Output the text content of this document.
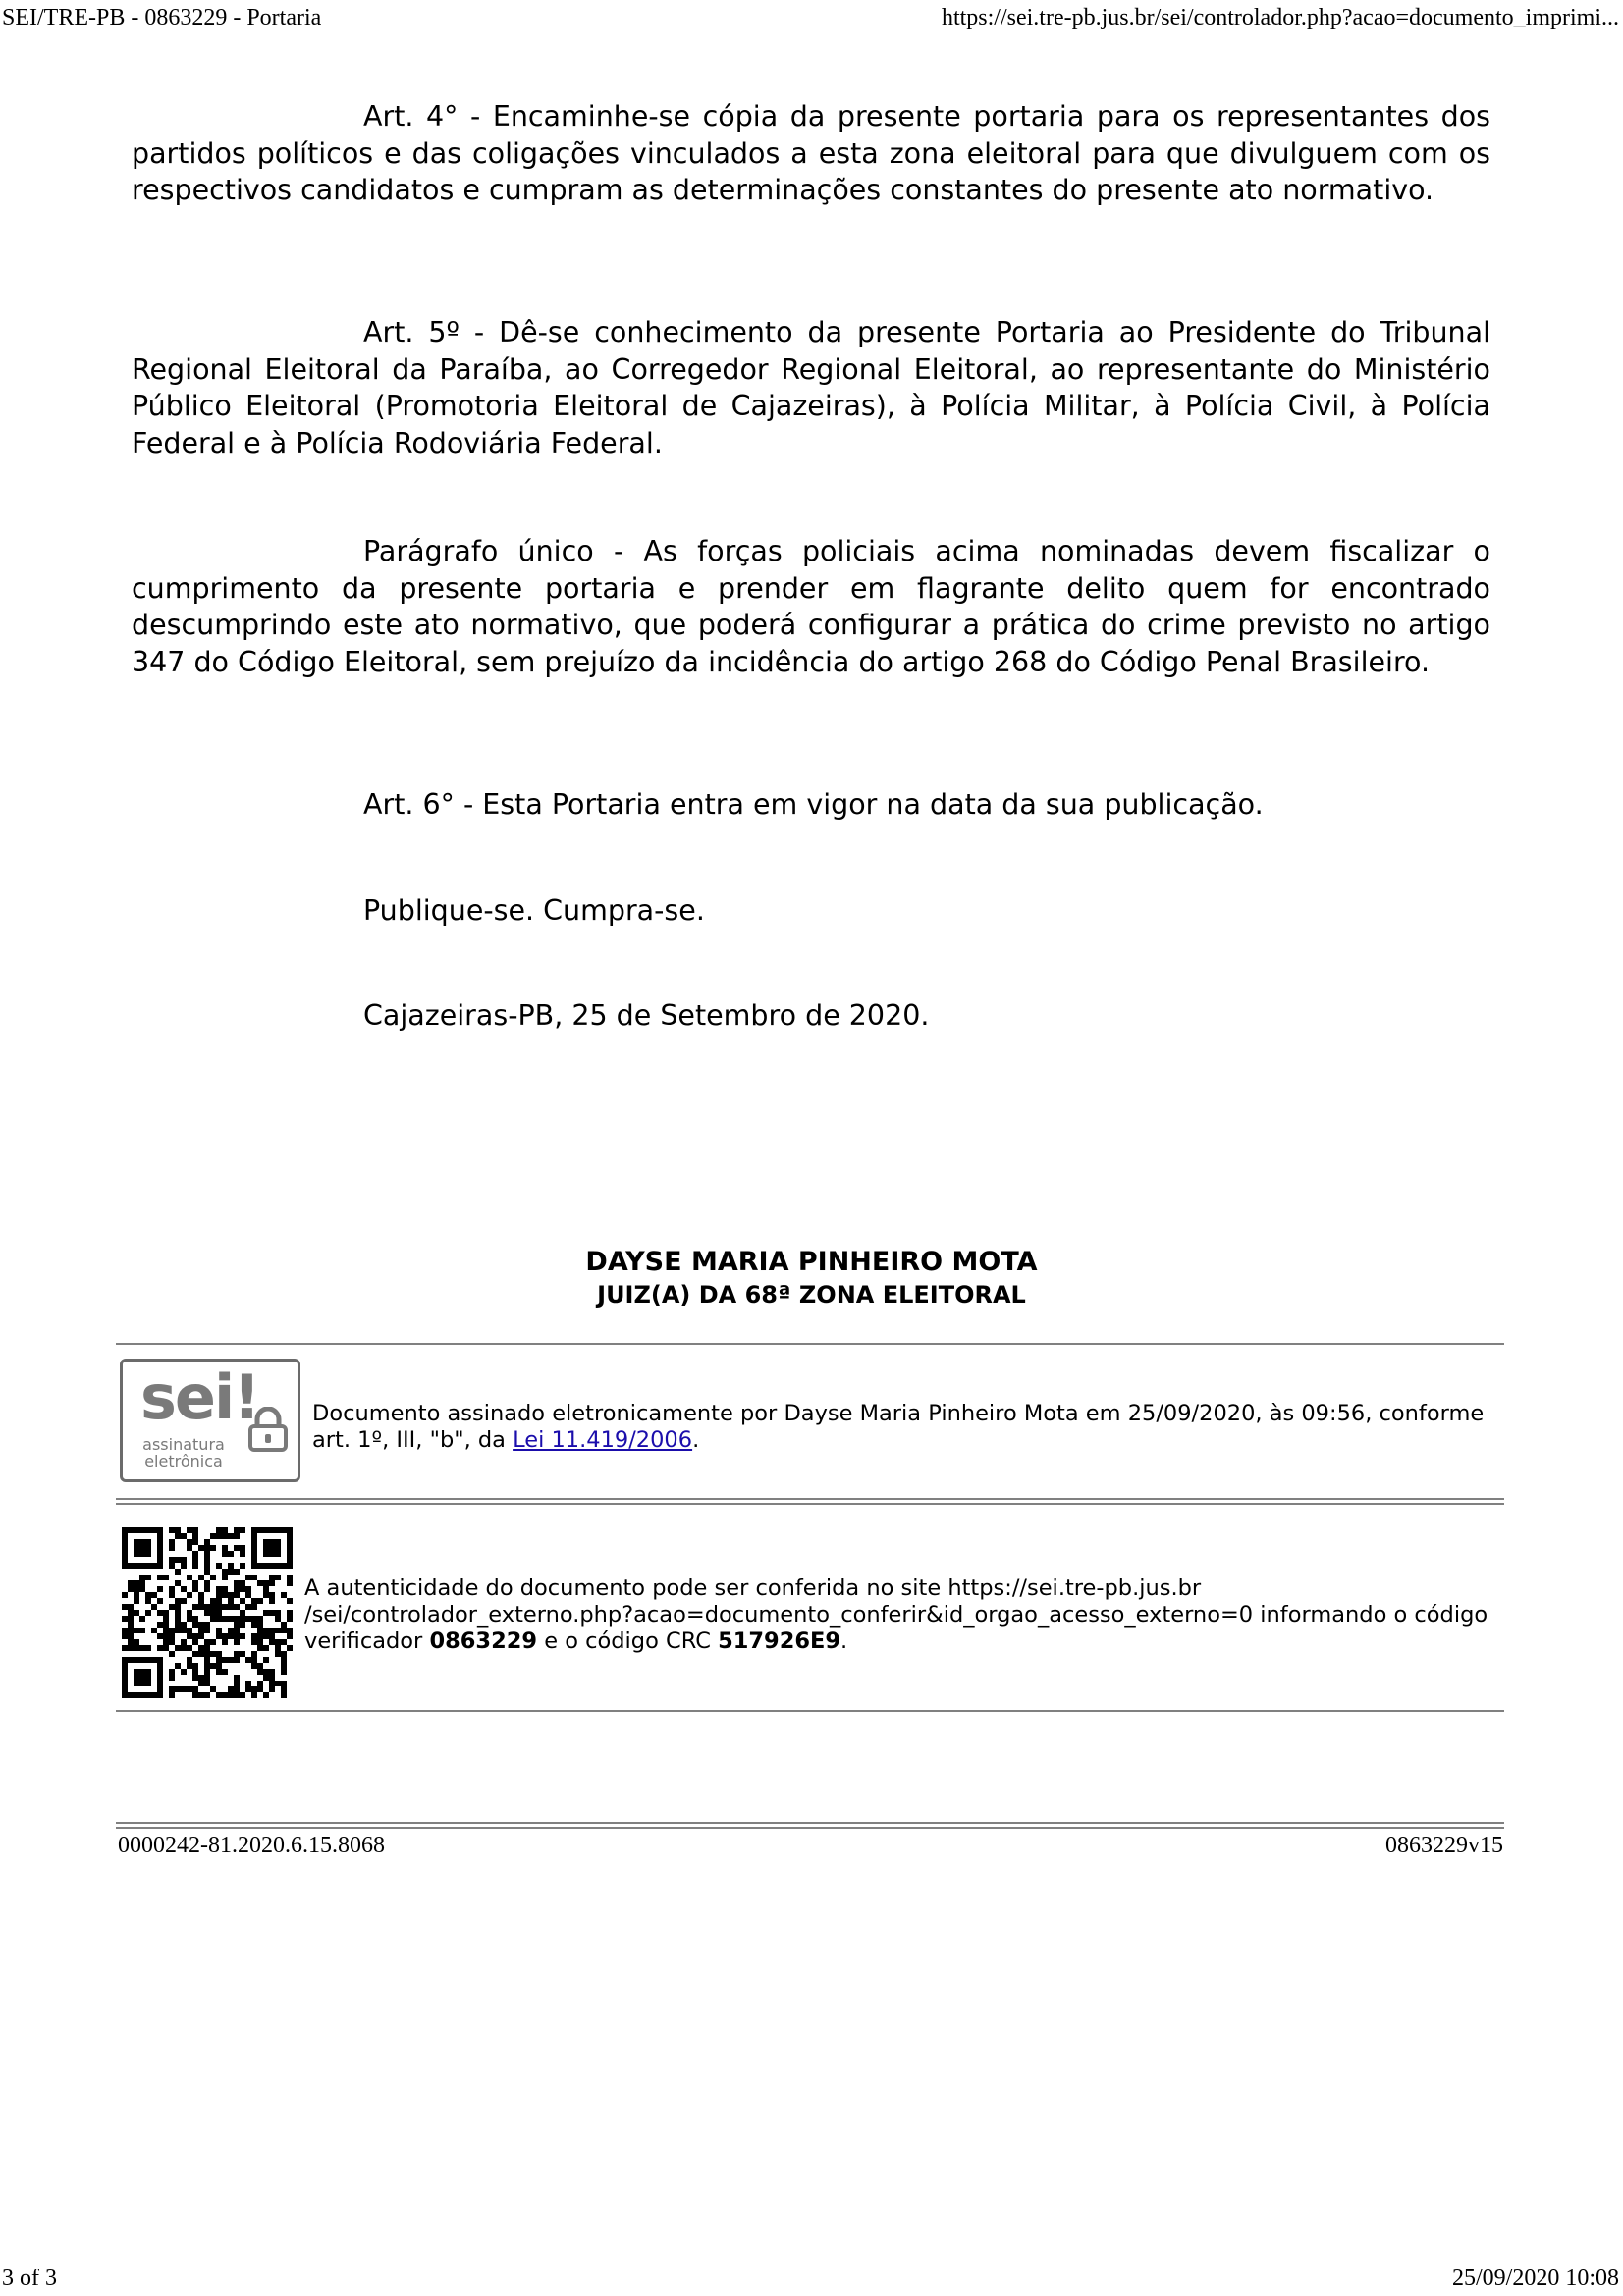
SEI/TRE-PB - 0863229 - Portaria	https://sei.tre-pb.jus.br/sei/controlador.php?acao=documento_imprimi...
Art. 4° - Encaminhe-se cópia da presente portaria para os representantes dos partidos políticos e das coligações vinculados a esta zona eleitoral para que divulguem com os respectivos candidatos e cumpram as determinações constantes do presente ato normativo.
Art. 5º - Dê-se conhecimento da presente Portaria ao Presidente do Tribunal Regional Eleitoral da Paraíba, ao Corregedor Regional Eleitoral, ao representante do Ministério Público Eleitoral (Promotoria Eleitoral de Cajazeiras), à Polícia Militar, à Polícia Civil, à Polícia Federal e à Polícia Rodoviária Federal.
Parágrafo único - As forças policiais acima nominadas devem fiscalizar o cumprimento da presente portaria e prender em flagrante delito quem for encontrado descumprindo este ato normativo, que poderá configurar a prática do crime previsto no artigo 347 do Código Eleitoral, sem prejuízo da incidência do artigo 268 do Código Penal Brasileiro.
Art. 6° - Esta Portaria entra em vigor na data da sua publicação.
Publique-se. Cumpra-se.
Cajazeiras-PB, 25 de Setembro de 2020.
DAYSE MARIA PINHEIRO MOTA
JUIZ(A) DA 68ª ZONA ELEITORAL
sei!
assinatura eletrônica
Documento assinado eletronicamente por Dayse Maria Pinheiro Mota em 25/09/2020, às 09:56, conforme art. 1º, III, "b", da Lei 11.419/2006.
A autenticidade do documento pode ser conferida no site https://sei.tre-pb.jus.br
/sei/controlador_externo.php?acao=documento_conferir&id_orgao_acesso_externo=0 informando o código
verificador 0863229 e o código CRC 517926E9.
0000242-81.2020.6.15.8068	0863229v15
3 of 3	25/09/2020 10:08
